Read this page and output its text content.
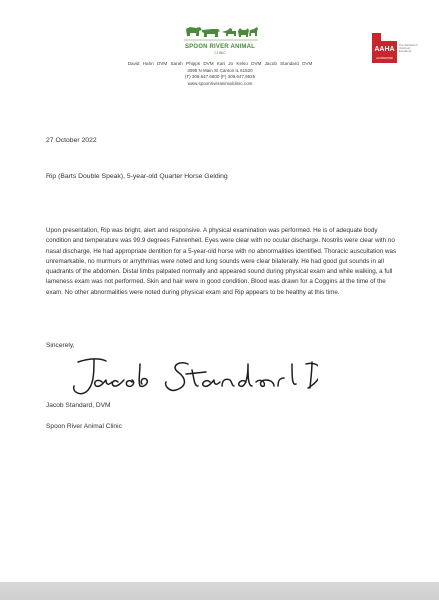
SPOON RIVER ANIMAL
CLINIC
David Hahn DVM Sarah Phipps DVM Kari Jo Kelso DVM Jacob Standard DVM
3098 N Main St Canton IL 61520
(T) 309.647.6800 (F) 309.647.9525
www.spoonriveranimalclinic.com
AAHA
ACCREDITED
The Standard of Veterinary Excellence
27 October 2022
Rip (Barts Double Speak), 5-year-old Quarter Horse Gelding

Upon presentation, Rip was bright, alert and responsive. A physical examination was performed. He is of adequate body condition and temperature was 99.9 degrees Fahrenheit. Eyes were clear with no ocular discharge. Nostrils were clear with no nasal discharge. He had appropriate dentition for a 5-year-old horse with no abnormalities identified. Thoracic auscultation was unremarkable, no murmurs or arrythmias were noted and lung sounds were clear bilaterally. He had good gut sounds in all quadrants of the abdomen. Distal limbs palpated normally and appeared sound during physical exam and while walking, a full lameness exam was not performed. Skin and hair were in good condition. Blood was drawn for a Coggins at the time of the exam. No other abnormalities were noted during physical exam and Rip appears to be healthy at this time.

Sincerely,
Jacob Standard, DVM
Spoon River Animal Clinic
